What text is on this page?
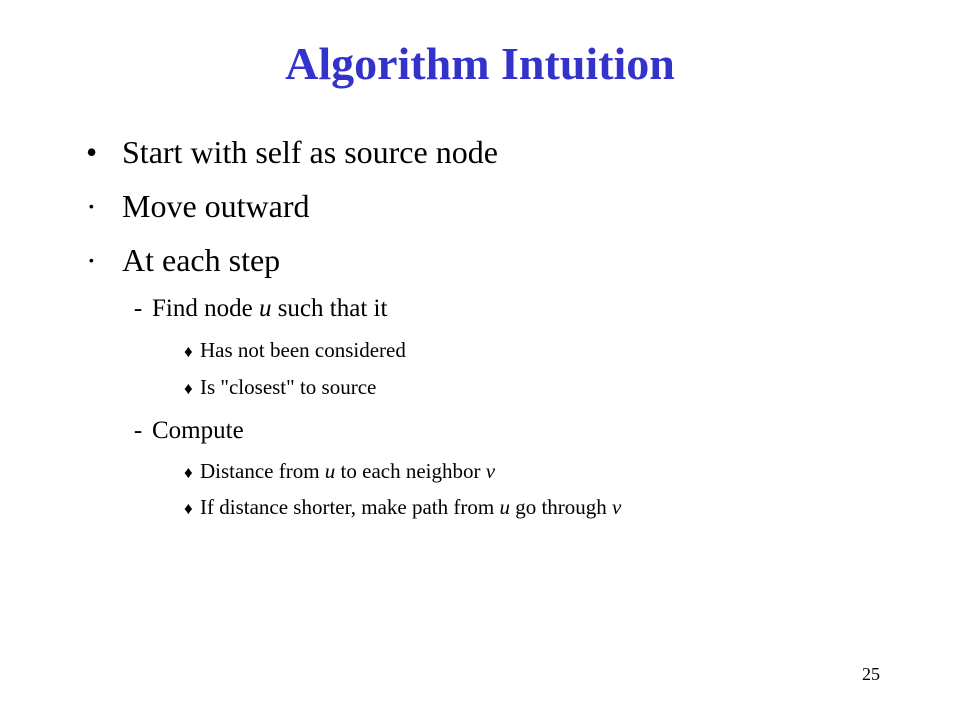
Algorithm Intuition
• Start with self as source node
· Move outward
· At each step
- Find node u such that it
♦ Has not been considered
♦ Is "closest" to source
- Compute
♦ Distance from u to each neighbor v
♦ If distance shorter, make path from u go through v
25
